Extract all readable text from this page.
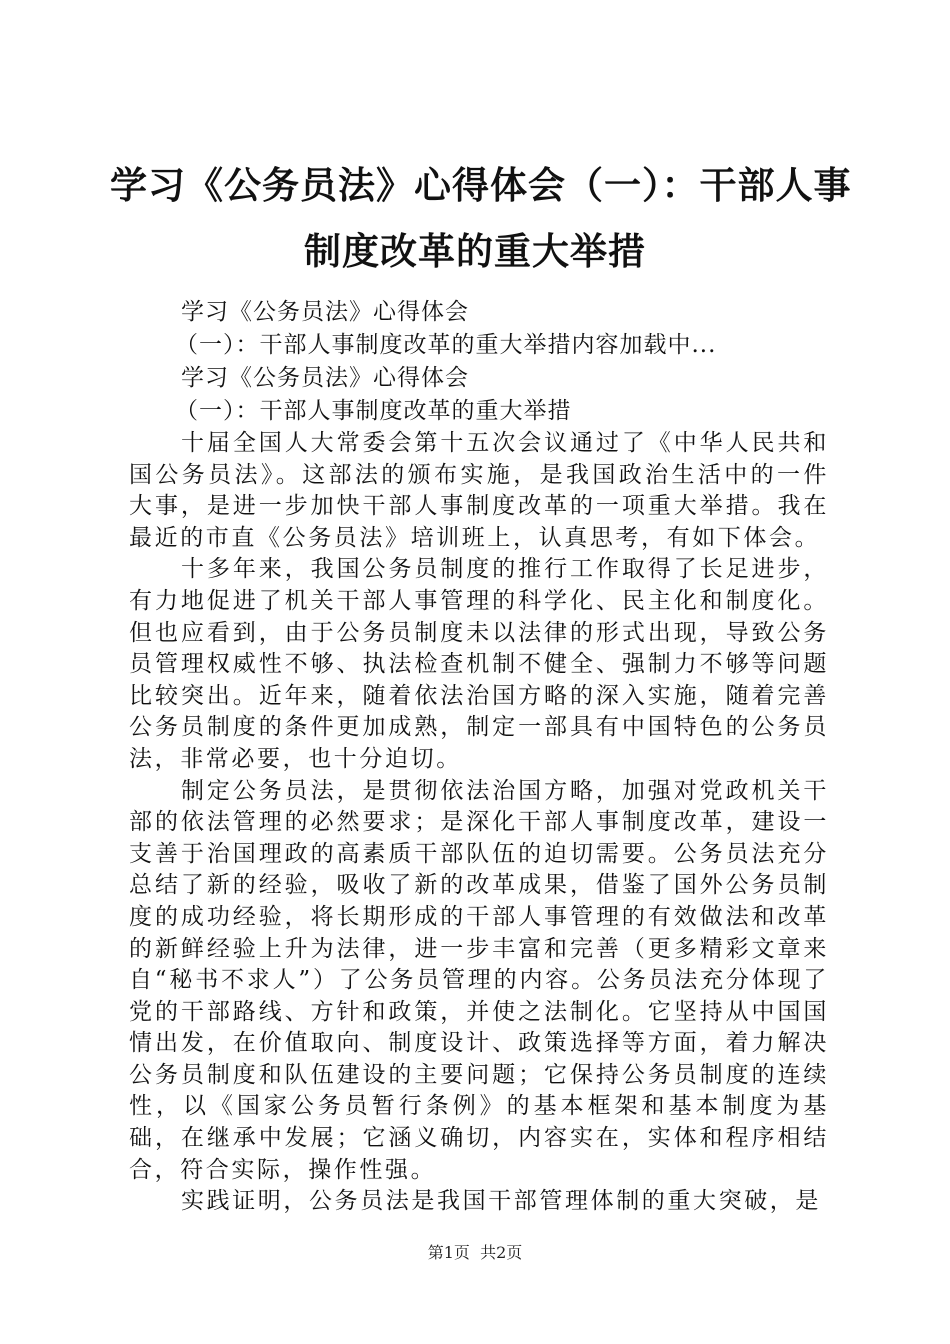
学习《公务员法》心得体会（一）：干部人事
制度改革的重大举措
学习《公务员法》心得体会
（一）：干部人事制度改革的重大举措内容加载中...
学习《公务员法》心得体会
（一）：干部人事制度改革的重大举措

十届全国人大常委会第十五次会议通过了《中华人民共和国公务员法》。这部法的颁布实施，是我国政治生活中的一件大事，是进一步加快干部人事制度改革的一项重大举措。我在最近的市直《公务员法》培训班上，认真思考，有如下体会。

十多年来，我国公务员制度的推行工作取得了长足进步，有力地促进了机关干部人事管理的科学化、民主化和制度化。但也应看到，由于公务员制度未以法律的形式出现，导致公务员管理权威性不够、执法检查机制不健全、强制力不够等问题比较突出。近年来，随着依法治国方略的深入实施，随着完善公务员制度的条件更加成熟，制定一部具有中国特色的公务员法，非常必要，也十分迫切。

制定公务员法，是贯彻依法治国方略，加强对党政机关干部的依法管理的必然要求；是深化干部人事制度改革，建设一支善于治国理政的高素质干部队伍的迫切需要。公务员法充分总结了新的经验，吸收了新的改革成果，借鉴了国外公务员制度的成功经验，将长期形成的干部人事管理的有效做法和改革的新鲜经验上升为法律，进一步丰富和完善（更多精彩文章来自“秘书不求人”）了公务员管理的内容。公务员法充分体现了党的干部路线、方针和政策，并使之法制化。它坚持从中国国情出发，在价值取向、制度设计、政策选择等方面，着力解决公务员制度和队伍建设的主要问题；它保持公务员制度的连续性，以《国家公务员暂行条例》的基本框架和基本制度为基础，在继承中发展；它涵义确切，内容实在，实体和程序相结合，符合实际，操作性强。

实践证明，公务员法是我国干部管理体制的重大突破，是

第1页  共2页
